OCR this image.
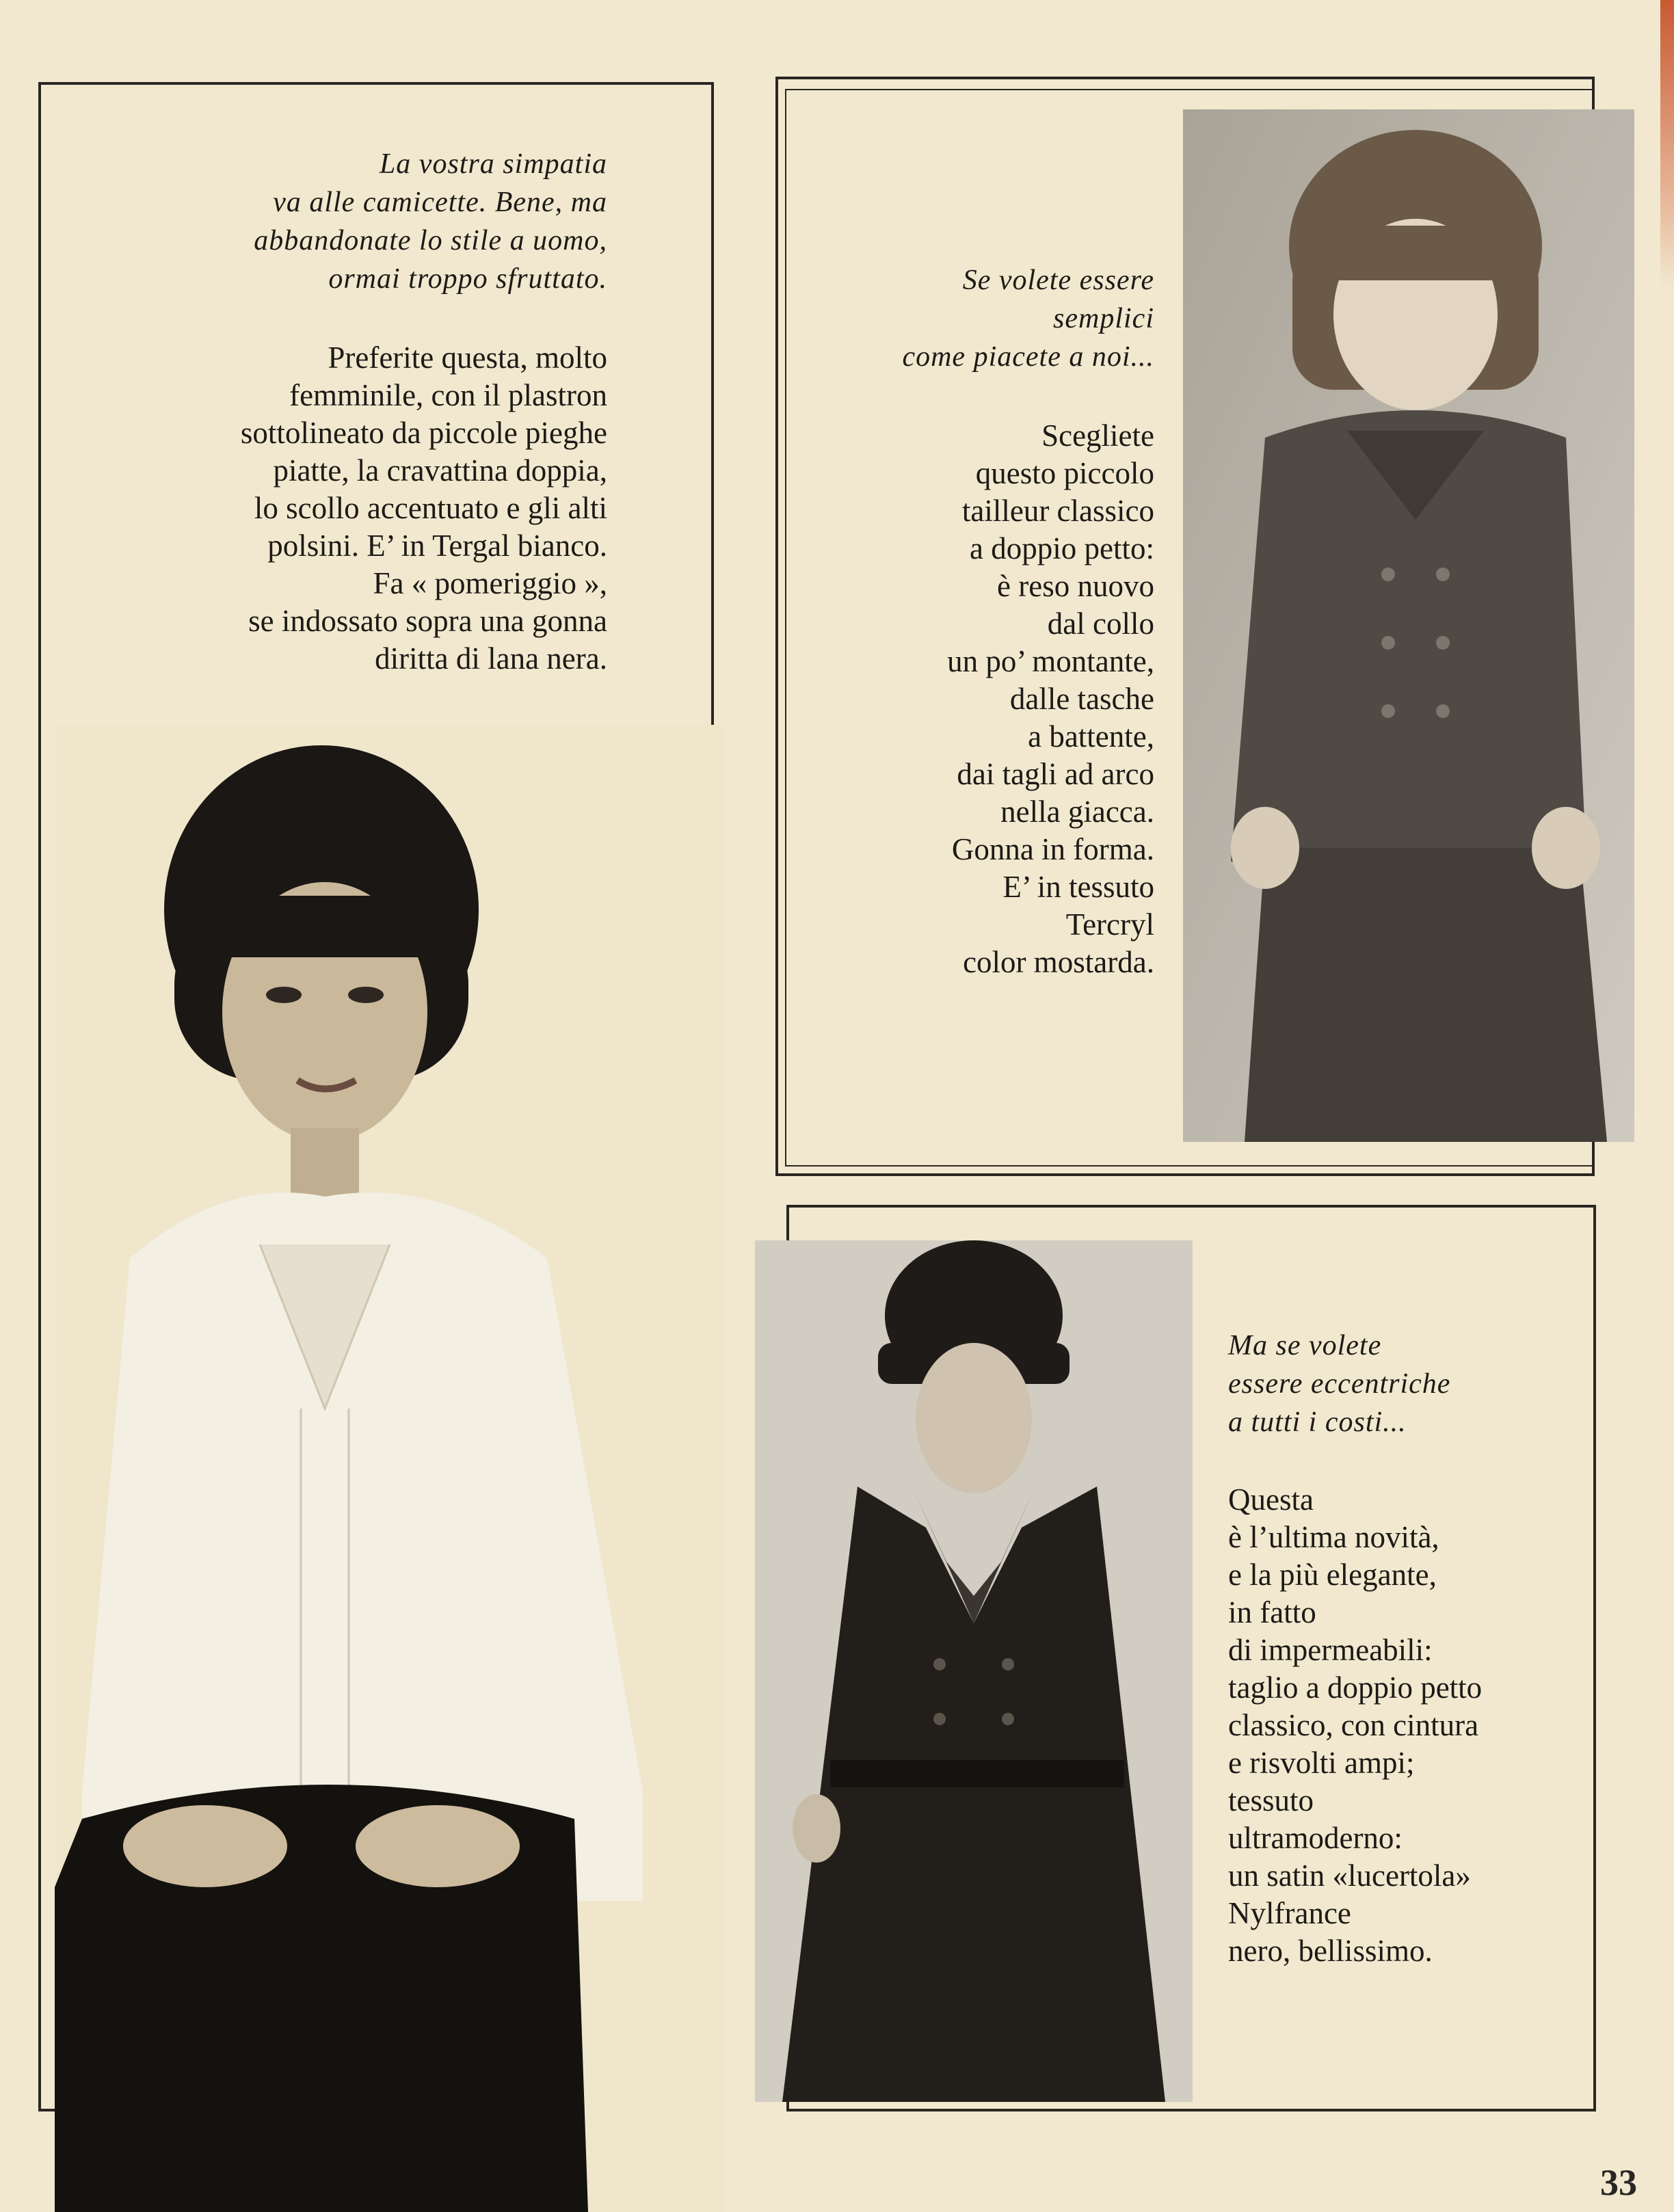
La vostra simpatia
va alle camicette. Bene, ma
abbandonate lo stile a uomo,
ormai troppo sfruttato.
Preferite questa, molto
femminile, con il plastron
sottolineato da piccole pieghe
piatte, la cravattina doppia,
lo scollo accentuato e gli alti
polsini. E’ in Tergal bianco.
Fa « pomeriggio »,
se indossato sopra una gonna
diritta di lana nera.
Se volete essere
semplici
come piacete a noi...
Scegliete
questo piccolo
tailleur classico
a doppio petto:
è reso nuovo
dal collo
un po’ montante,
dalle tasche
a battente,
dai tagli ad arco
nella giacca.
Gonna in forma.
E’ in tessuto
Tercryl
color mostarda.
Ma se volete
essere eccentriche
a tutti i costi...
Questa
è l’ultima novità,
e la più elegante,
in fatto
di impermeabili:
taglio a doppio petto
classico, con cintura
e risvolti ampi;
tessuto
ultramoderno:
un satin «lucertola»
Nylfrance
nero, bellissimo.
33
